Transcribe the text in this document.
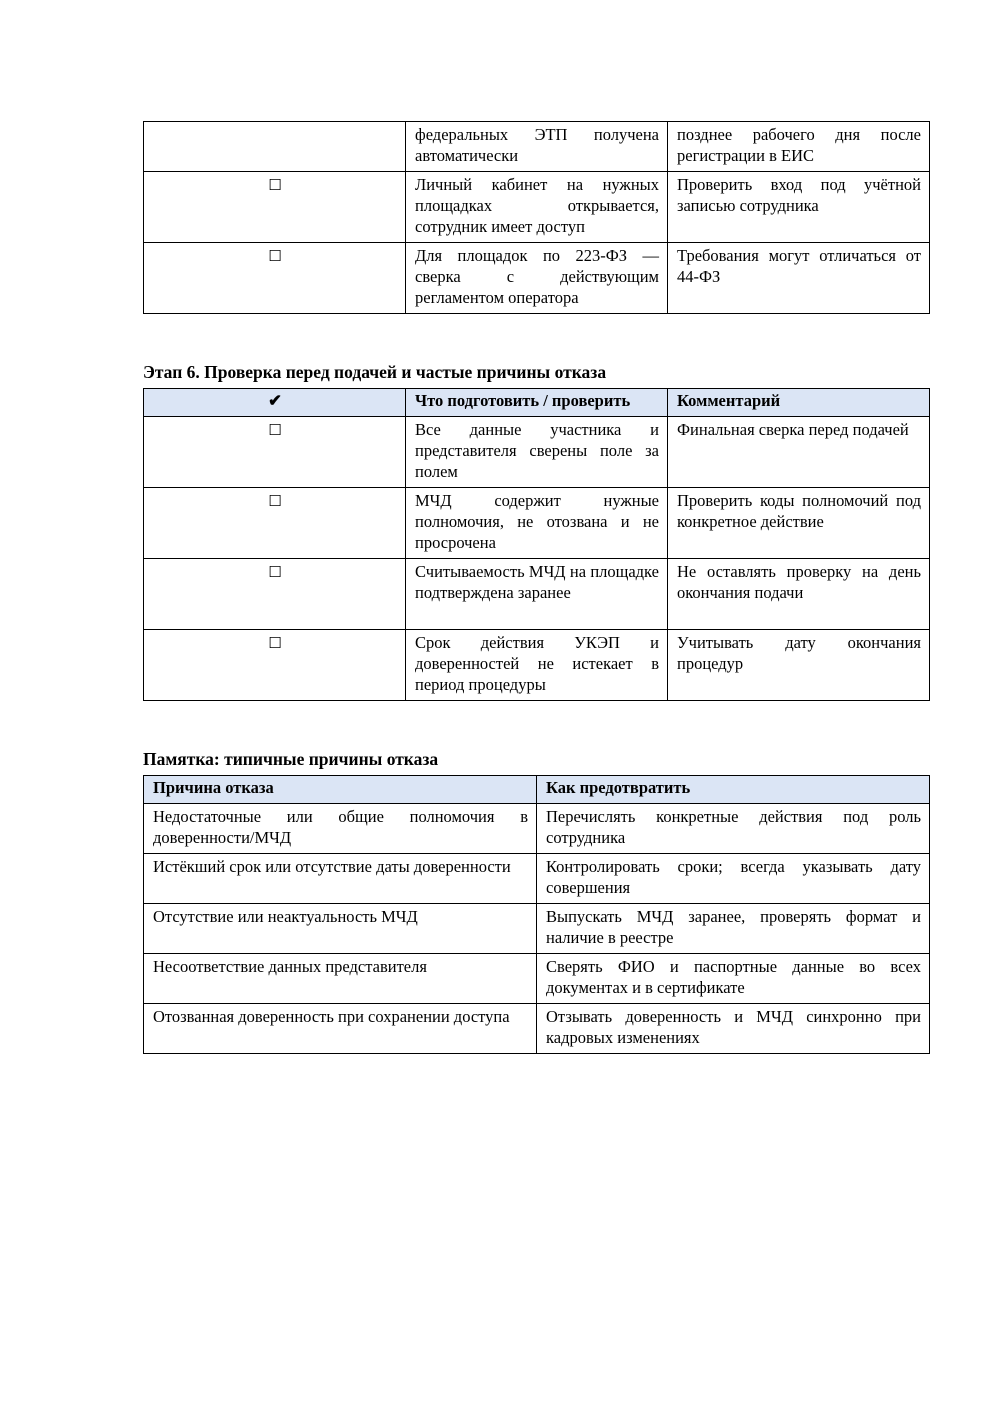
	федеральных ЭТП получена автоматически	позднее рабочего дня после регистрации в ЕИС
☐	Личный кабинет на нужных площадках открывается, сотрудник имеет доступ	Проверить вход под учётной записью сотрудника
☐	Для площадок по 223-ФЗ — сверка с действующим регламентом оператора	Требования могут отличаться от 44-ФЗ
Этап 6. Проверка перед подачей и частые причины отказа
✔	Что подготовить / проверить	Комментарий
☐	Все данные участника и представителя сверены поле за полем	Финальная сверка перед подачей
☐	МЧД содержит нужные полномочия, не отозвана и не просрочена	Проверить коды полномочий под конкретное действие
☐	Считываемость МЧД на площадке подтверждена заранее	Не оставлять проверку на день окончания подачи
☐	Срок действия УКЭП и доверенностей не истекает в период процедуры	Учитывать дату окончания процедур
Памятка: типичные причины отказа
Причина отказа	Как предотвратить
Недостаточные или общие полномочия в доверенности/МЧД	Перечислять конкретные действия под роль сотрудника
Истёкший срок или отсутствие даты доверенности	Контролировать сроки; всегда указывать дату совершения
Отсутствие или неактуальность МЧД	Выпускать МЧД заранее, проверять формат и наличие в реестре
Несоответствие данных представителя	Сверять ФИО и паспортные данные во всех документах и в сертификате
Отозванная доверенность при сохранении доступа	Отзывать доверенность и МЧД синхронно при кадровых изменениях
